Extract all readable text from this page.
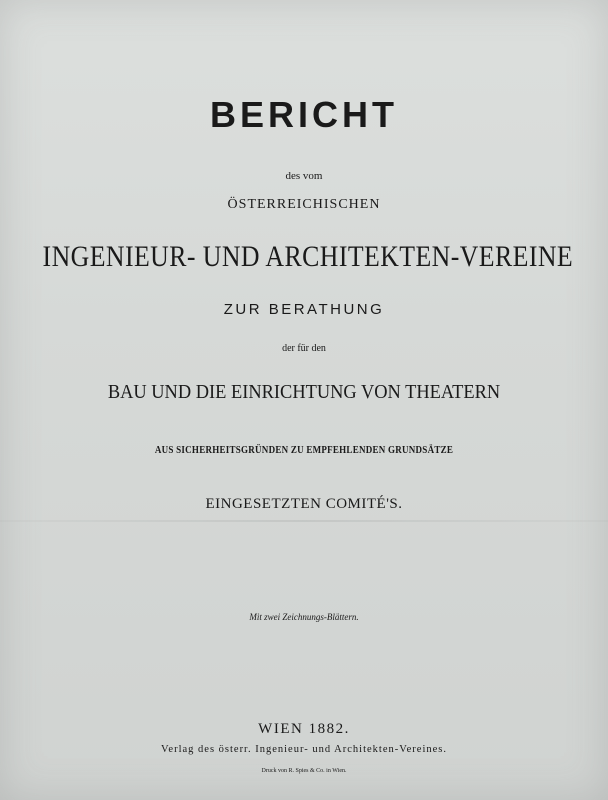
BERICHT
des vom
ÖSTERREICHISCHEN
INGENIEUR- UND ARCHITEKTEN-VEREINE
ZUR BERATHUNG
der für den
BAU UND DIE EINRICHTUNG VON THEATERN
AUS SICHERHEITSGRÜNDEN ZU EMPFEHLENDEN GRUNDSÄTZE
EINGESETZTEN COMITÉ'S.
Mit zwei Zeichnungs-Blättern.
WIEN 1882.
Verlag des österr. Ingenieur- und Architekten-Vereines.
Druck von R. Spies & Co. in Wien.
